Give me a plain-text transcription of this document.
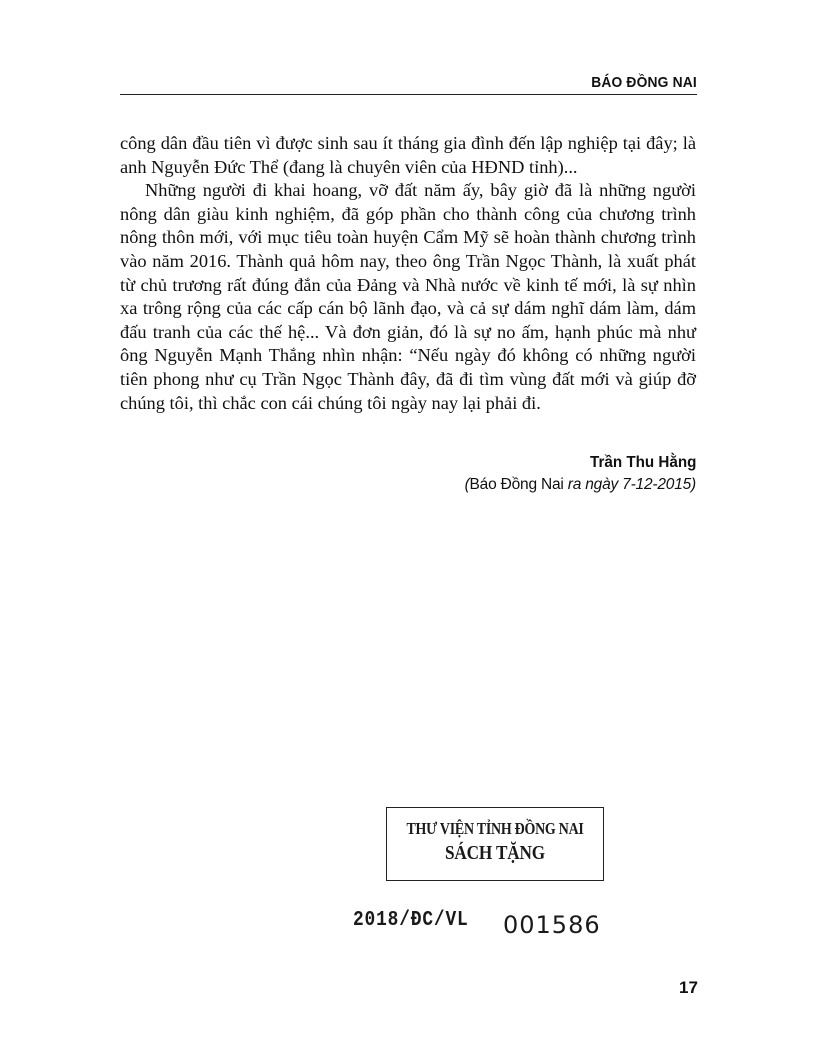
BÁO ĐỒNG NAI

công dân đầu tiên vì được sinh sau ít tháng gia đình đến lập nghiệp tại đây; là anh Nguyễn Đức Thể (đang là chuyên viên của HĐND tỉnh)...

Những người đi khai hoang, vỡ đất năm ấy, bây giờ đã là những người nông dân giàu kinh nghiệm, đã góp phần cho thành công của chương trình nông thôn mới, với mục tiêu toàn huyện Cẩm Mỹ sẽ hoàn thành chương trình vào năm 2016. Thành quả hôm nay, theo ông Trần Ngọc Thành, là xuất phát từ chủ trương rất đúng đắn của Đảng và Nhà nước về kinh tế mới, là sự nhìn xa trông rộng của các cấp cán bộ lãnh đạo, và cả sự dám nghĩ dám làm, dám đấu tranh của các thế hệ... Và đơn giản, đó là sự no ấm, hạnh phúc mà như ông Nguyễn Mạnh Thắng nhìn nhận: “Nếu ngày đó không có những người tiên phong như cụ Trần Ngọc Thành đây, đã đi tìm vùng đất mới và giúp đỡ chúng tôi, thì chắc con cái chúng tôi ngày nay lại phải đi.

Trần Thu Hằng
(Báo Đồng Nai ra ngày 7-12-2015)
THƯ VIỆN TỈNH ĐỒNG NAI
SÁCH TẶNG
2018/ĐC/VL 001586
17
